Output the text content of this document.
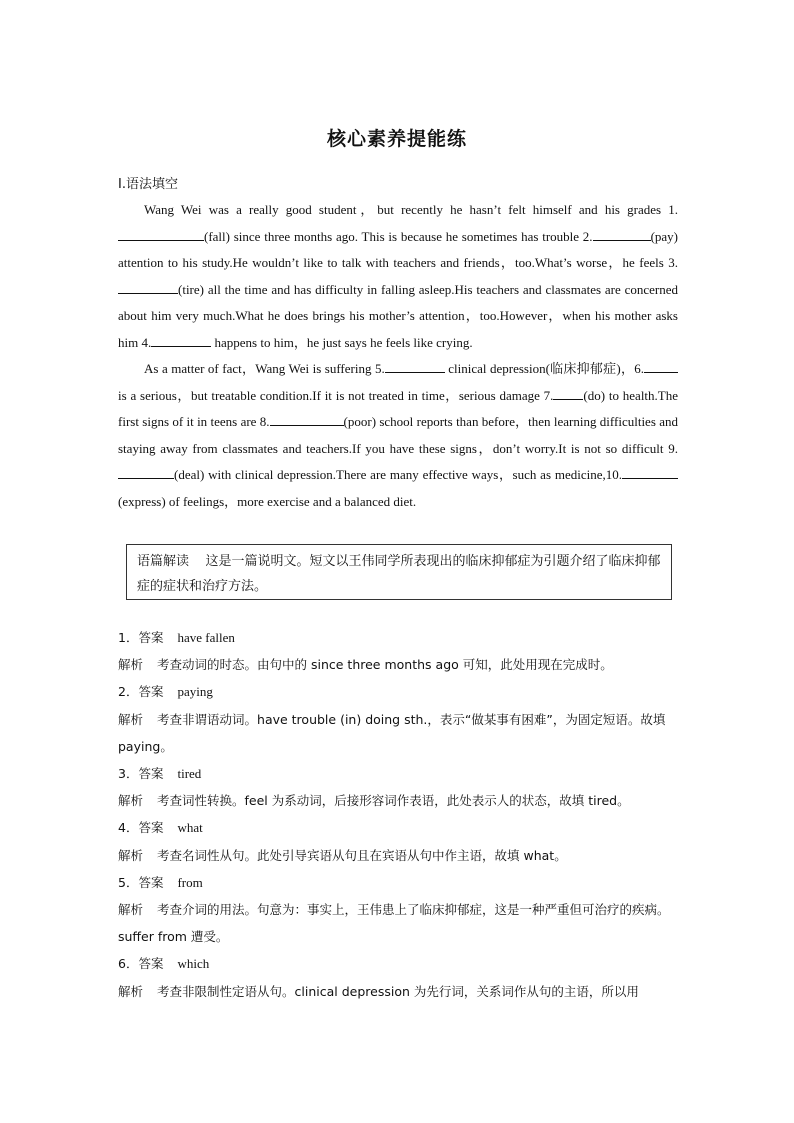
核心素养提能练
Ⅰ.语法填空

Wang Wei was a really good student，but recently he hasn’t felt himself and his grades 1.(fall) since three months ago. This is because he sometimes has trouble 2.	(pay) attention to his study.He wouldn’t like to talk with teachers and friends，too.What’s worse，he feels 3.(tire) all the time and has difficulty in falling asleep.His teachers and classmates are concerned about him very much.What he does brings his mother’s attention，too.However，when his mother asks him 4.	happens to him，he just says he feels like crying.

As a matter of fact，Wang Wei is suffering 5.	clinical depression(临床抑郁症)，6. is a serious，but treatable condition.If it is not treated in time，serious damage 7. (do) to health.The first signs of it in teens are 8.	(poor) school reports than before，then learning difficulties and staying away from classmates and teachers.If you have these signs，don’t worry.It is not so difficult 9.(deal) with clinical depression.There are many effective ways，such as medicine,10.(express) of feelings，more exercise and a balanced diet.

语篇解读 这是一篇说明文。短文以王伟同学所表现出的临床抑郁症为引题介绍了临床抑郁症的症状和治疗方法。
1．答案 have fallen
解析 考查动词的时态。由句中的 since three months ago 可知，此处用现在完成时。
2．答案 paying
解析 考查非谓语动词。have trouble (in) doing sth.，表示“做某事有困难”，为固定短语。故填 paying。
3．答案 tired
解析 考查词性转换。feel 为系动词，后接形容词作表语，此处表示人的状态，故填 tired。
4．答案 what
解析 考查名词性从句。此处引导宾语从句且在宾语从句中作主语，故填 what。
5．答案 from
解析 考查介词的用法。句意为：事实上，王伟患上了临床抑郁症，这是一种严重但可治疗的疾病。suffer from 遭受。
6．答案 which
解析 考查非限制性定语从句。clinical depression 为先行词，关系词作从句的主语，所以用
